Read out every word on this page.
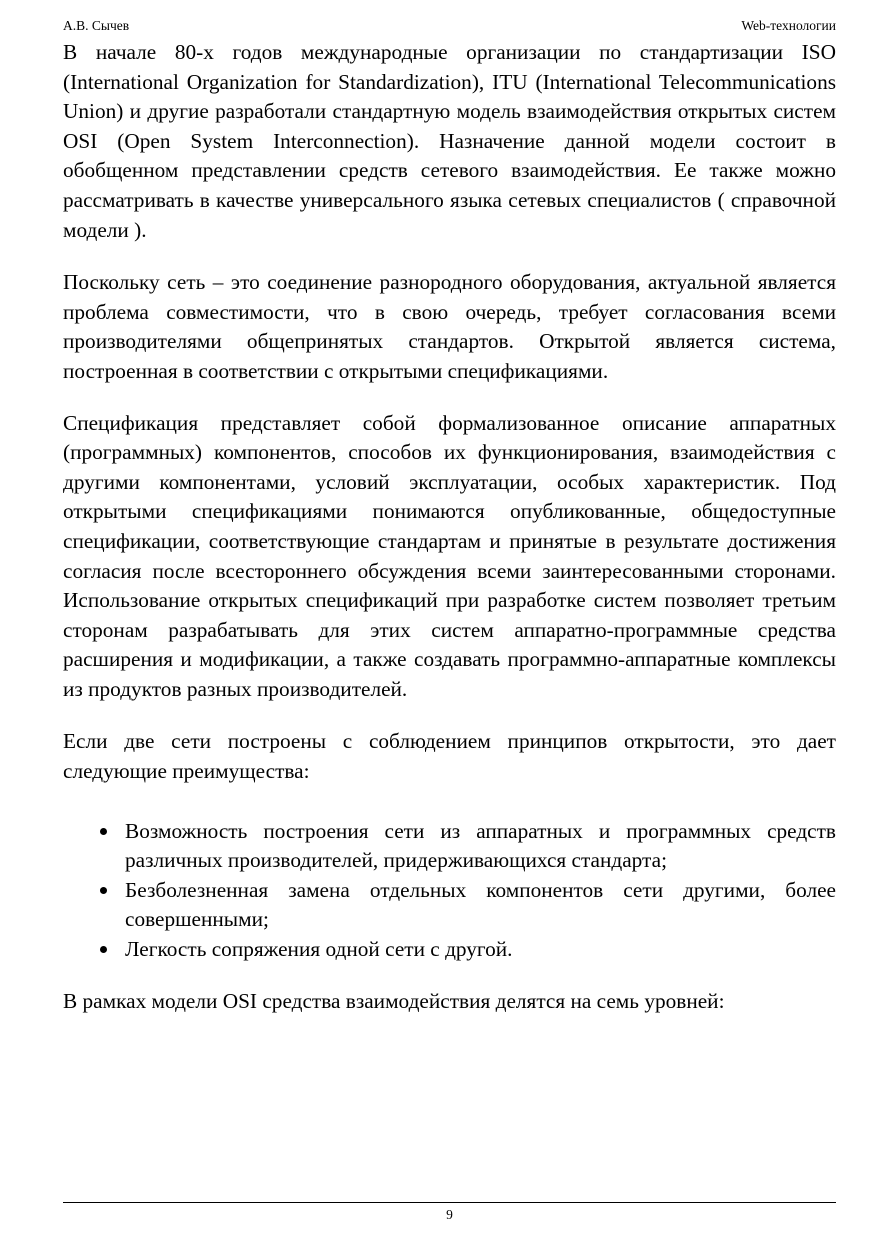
А.В. Сычев	Web-технологии

В начале 80-х годов международные организации по стандартизации ISO (International Organization for Standardization), ITU (International Telecommunications Union) и другие разработали стандартную модель взаимодействия открытых систем OSI (Open System Interconnection). Назначение данной модели состоит в обобщенном представлении средств сетевого взаимодействия. Ее также можно рассматривать в качестве универсального языка сетевых специалистов ( справочной модели ).

Поскольку сеть – это соединение разнородного оборудования, актуальной является проблема совместимости, что в свою очередь, требует согласования всеми производителями общепринятых стандартов. Открытой является система, построенная в соответствии с открытыми спецификациями.

Спецификация представляет собой формализованное описание аппаратных (программных) компонентов, способов их функционирования, взаимодействия с другими компонентами, условий эксплуатации, особых характеристик. Под открытыми спецификациями понимаются опубликованные, общедоступные спецификации, соответствующие стандартам и принятые в результате достижения согласия после всестороннего обсуждения всеми заинтересованными сторонами. Использование открытых спецификаций при разработке систем позволяет третьим сторонам разрабатывать для этих систем аппаратно-программные средства расширения и модификации, а также создавать программно-аппаратные комплексы из продуктов разных производителей.

Если две сети построены с соблюдением принципов открытости, это дает следующие преимущества:

Возможность построения сети из аппаратных и программных средств различных производителей, придерживающихся стандарта;
Безболезненная замена отдельных компонентов сети другими, более совершенными;
Легкость сопряжения одной сети с другой.

В рамках модели OSI средства взаимодействия делятся на семь уровней:

9
